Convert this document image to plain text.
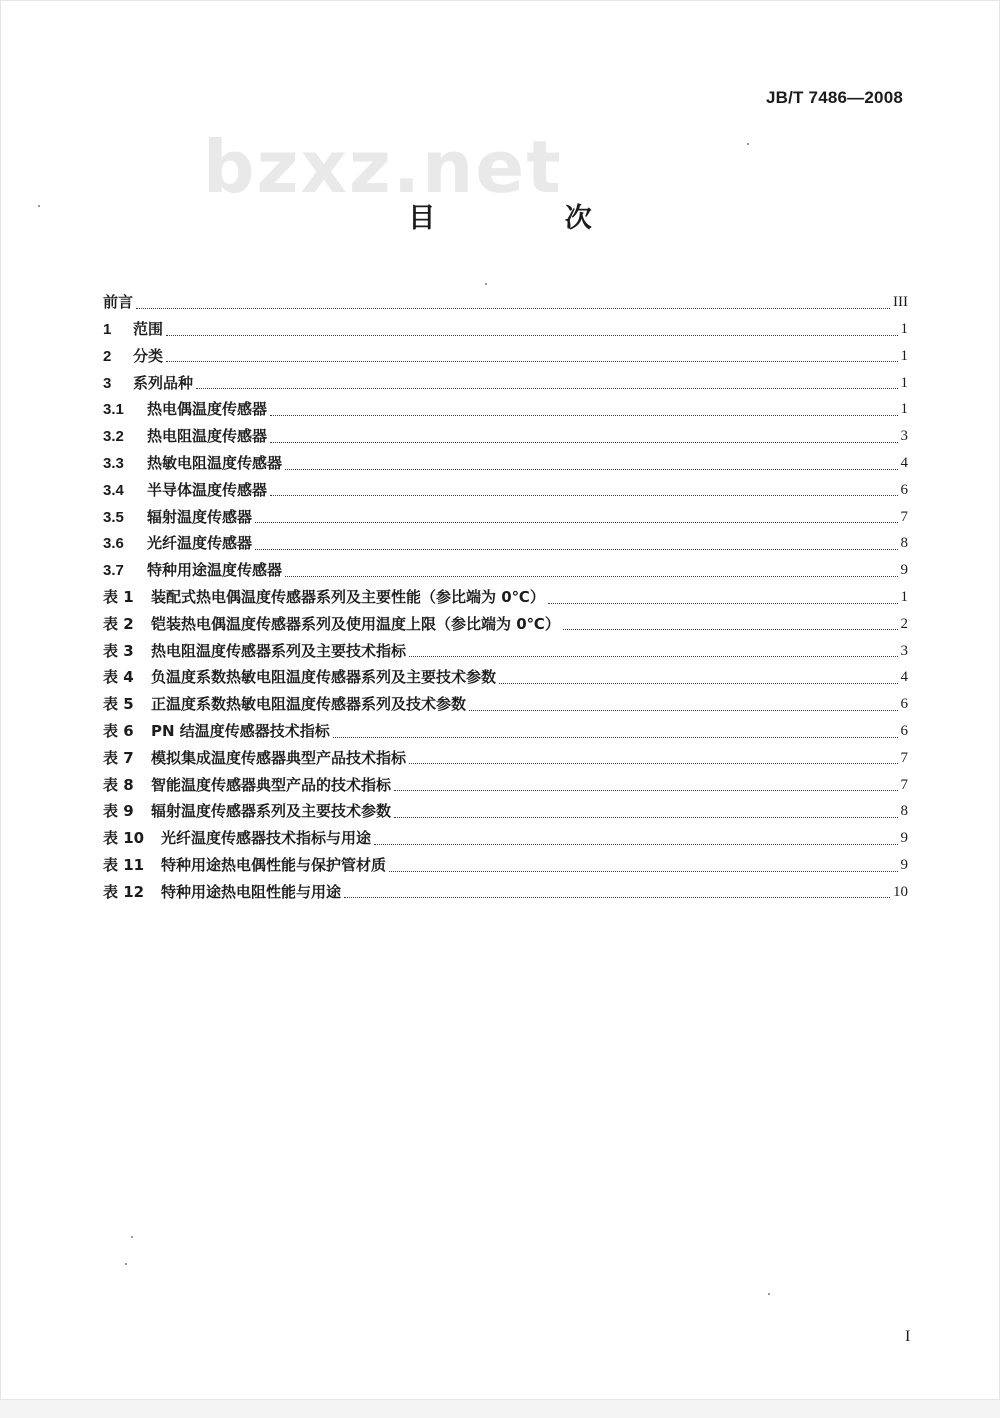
JB/T 7486—2008
bzxz.net
目 次
前言	III
1	范围	1
2	分类	1
3	系列品种	1
3.1	热电偶温度传感器	1
3.2	热电阻温度传感器	3
3.3	热敏电阻温度传感器	4
3.4	半导体温度传感器	6
3.5	辐射温度传感器	7
3.6	光纤温度传感器	8
3.7	特种用途温度传感器	9
表 1	装配式热电偶温度传感器系列及主要性能（参比端为 0℃）	1
表 2	铠装热电偶温度传感器系列及使用温度上限（参比端为 0℃）	2
表 3	热电阻温度传感器系列及主要技术指标	3
表 4	负温度系数热敏电阻温度传感器系列及主要技术参数	4
表 5	正温度系数热敏电阻温度传感器系列及技术参数	6
表 6	PN 结温度传感器技术指标	6
表 7	模拟集成温度传感器典型产品技术指标	7
表 8	智能温度传感器典型产品的技术指标	7
表 9	辐射温度传感器系列及主要技术参数	8
表 10	光纤温度传感器技术指标与用途	9
表 11	特种用途热电偶性能与保护管材质	9
表 12	特种用途热电阻性能与用途	10
I
